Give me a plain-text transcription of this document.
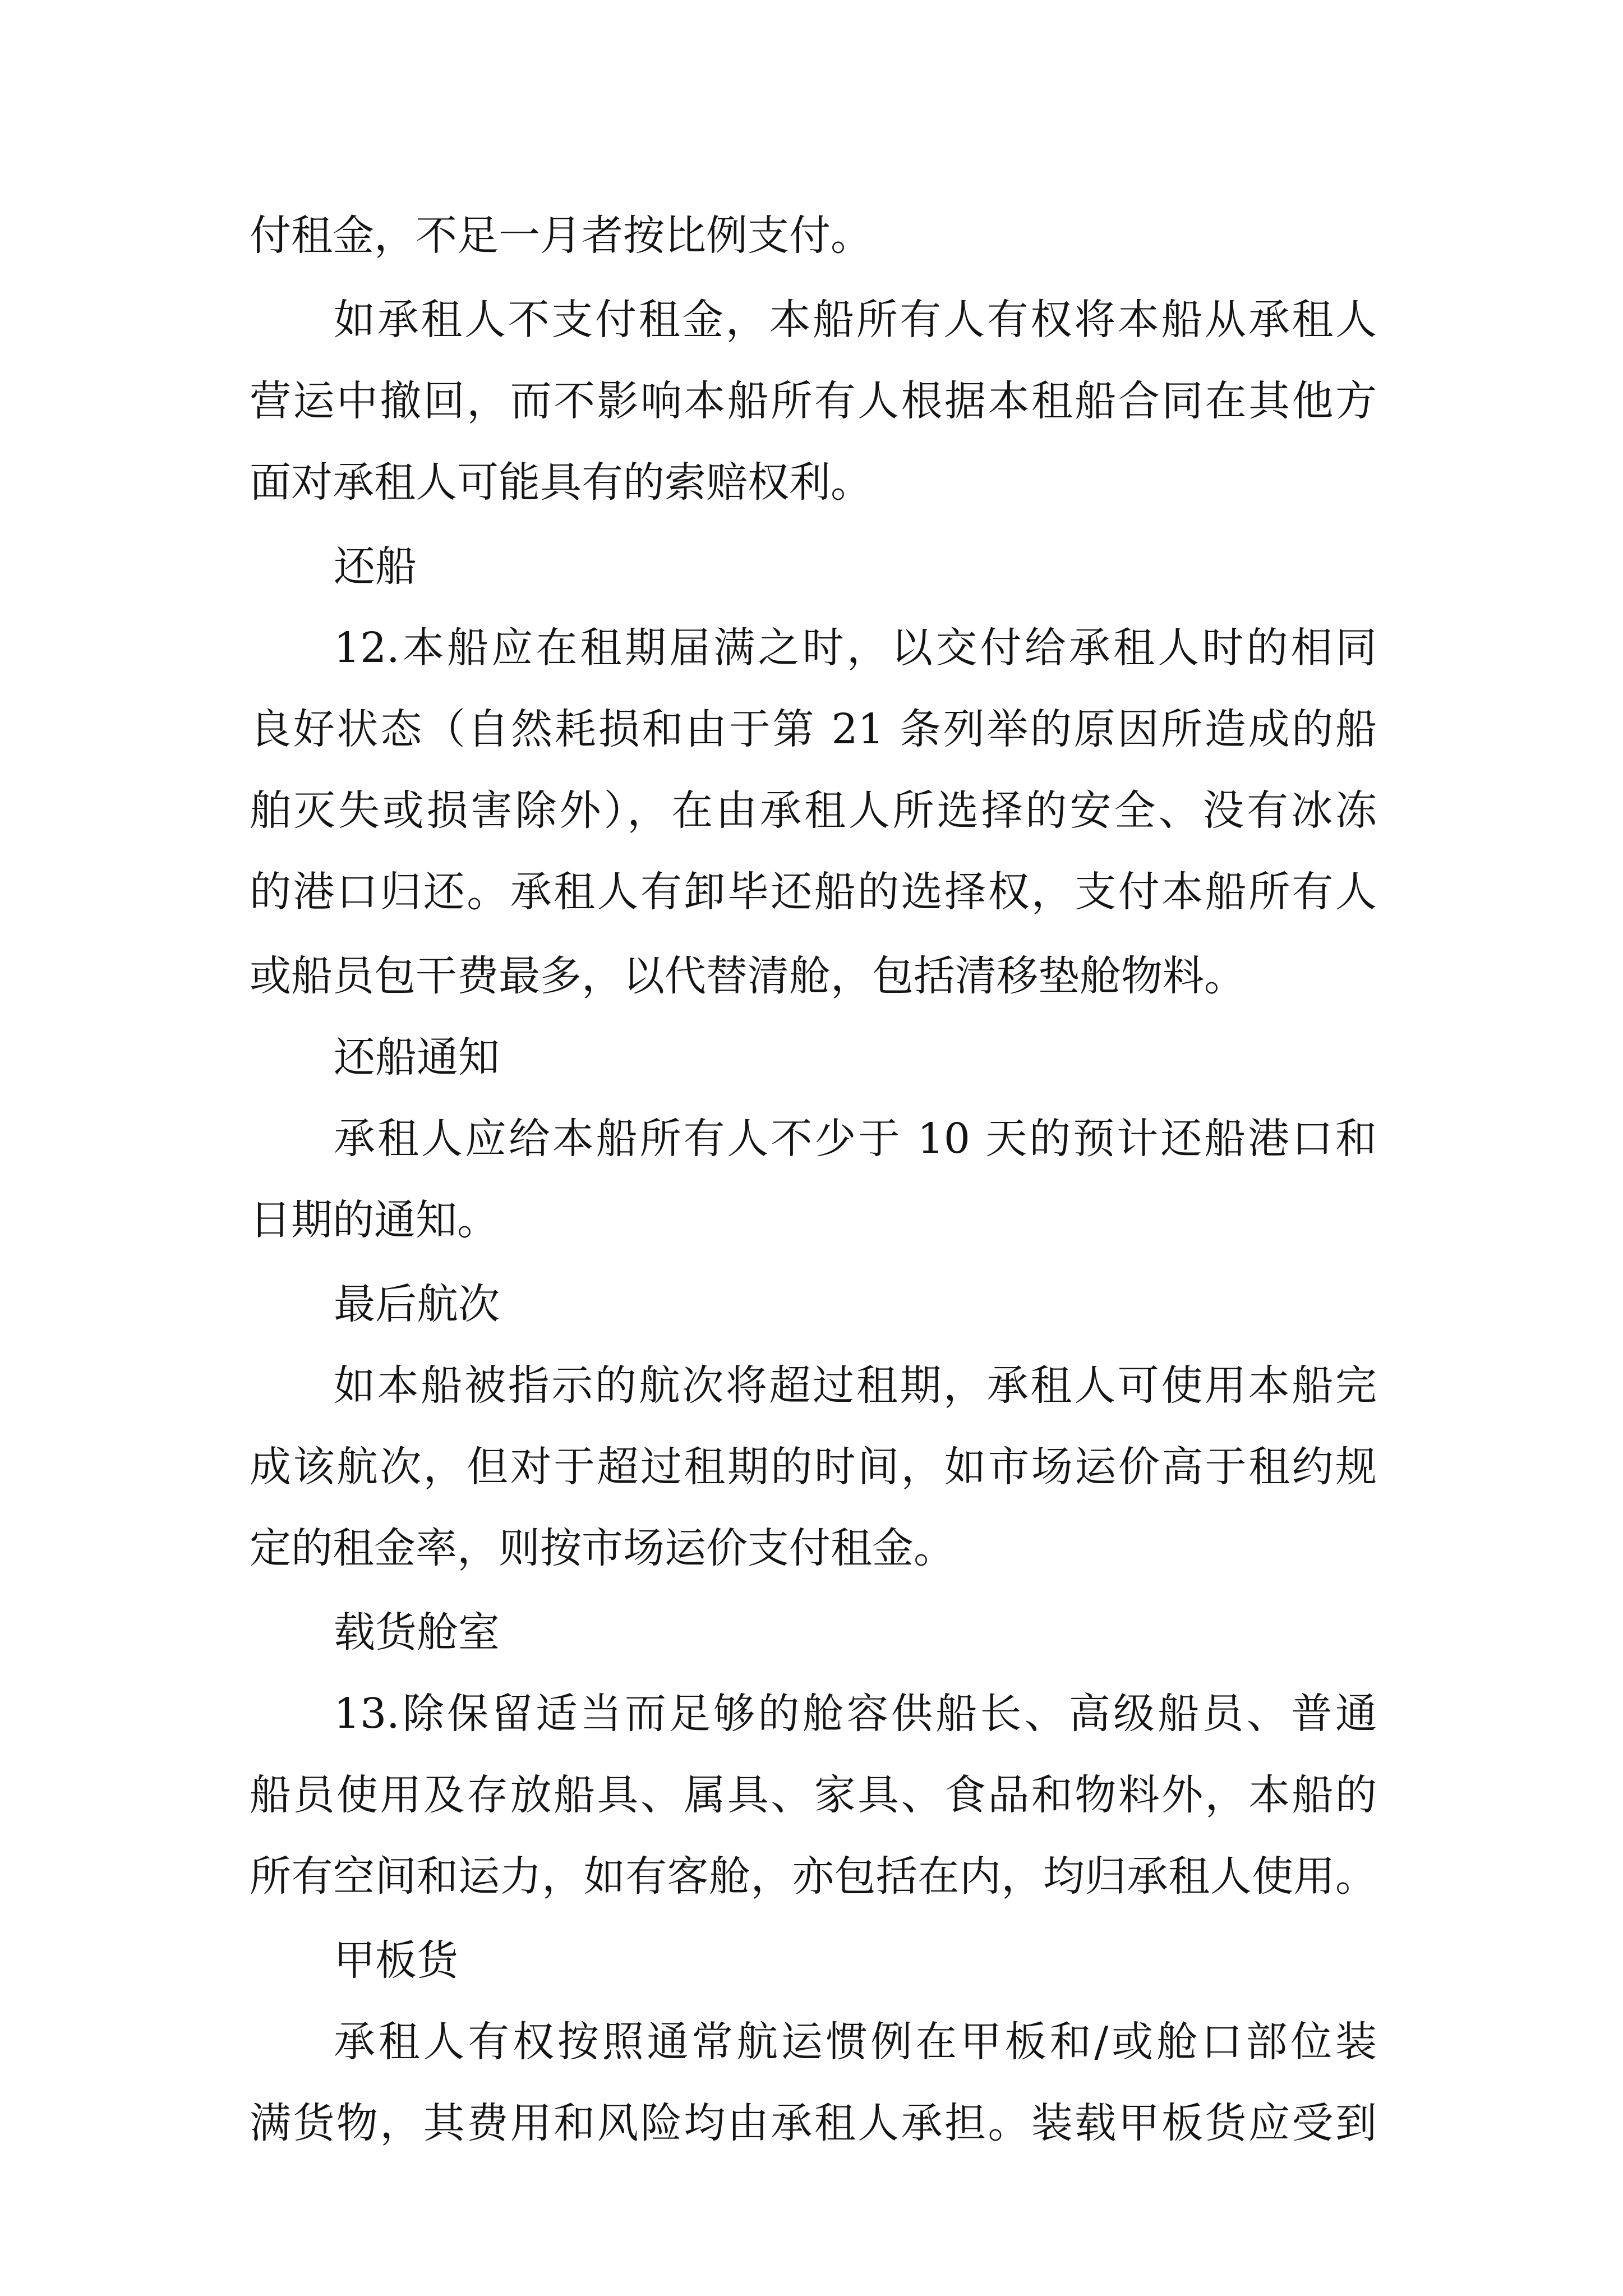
付租金，不足一月者按比例支付。

如承租人不支付租金，本船所有人有权将本船从承租人

营运中撤回，而不影响本船所有人根据本租船合同在其他方

面对承租人可能具有的索赔权利。

还船

12.本船应在租期届满之时，以交付给承租人时的相同

良好状态（自然耗损和由于第 21 条列举的原因所造成的船

舶灭失或损害除外），在由承租人所选择的安全、没有冰冻

的港口归还。承租人有卸毕还船的选择权，支付本船所有人

或船员包干费最多，以代替清舱，包括清移垫舱物料。

还船通知

承租人应给本船所有人不少于 10 天的预计还船港口和

日期的通知。

最后航次

如本船被指示的航次将超过租期，承租人可使用本船完

成该航次，但对于超过租期的时间，如市场运价高于租约规

定的租金率，则按市场运价支付租金。

载货舱室

13.除保留适当而足够的舱容供船长、高级船员、普通

船员使用及存放船具、属具、家具、食品和物料外，本船的

所有空间和运力，如有客舱，亦包括在内，均归承租人使用。

甲板货

承租人有权按照通常航运惯例在甲板和/或舱口部位装

满货物，其费用和风险均由承租人承担。装载甲板货应受到
